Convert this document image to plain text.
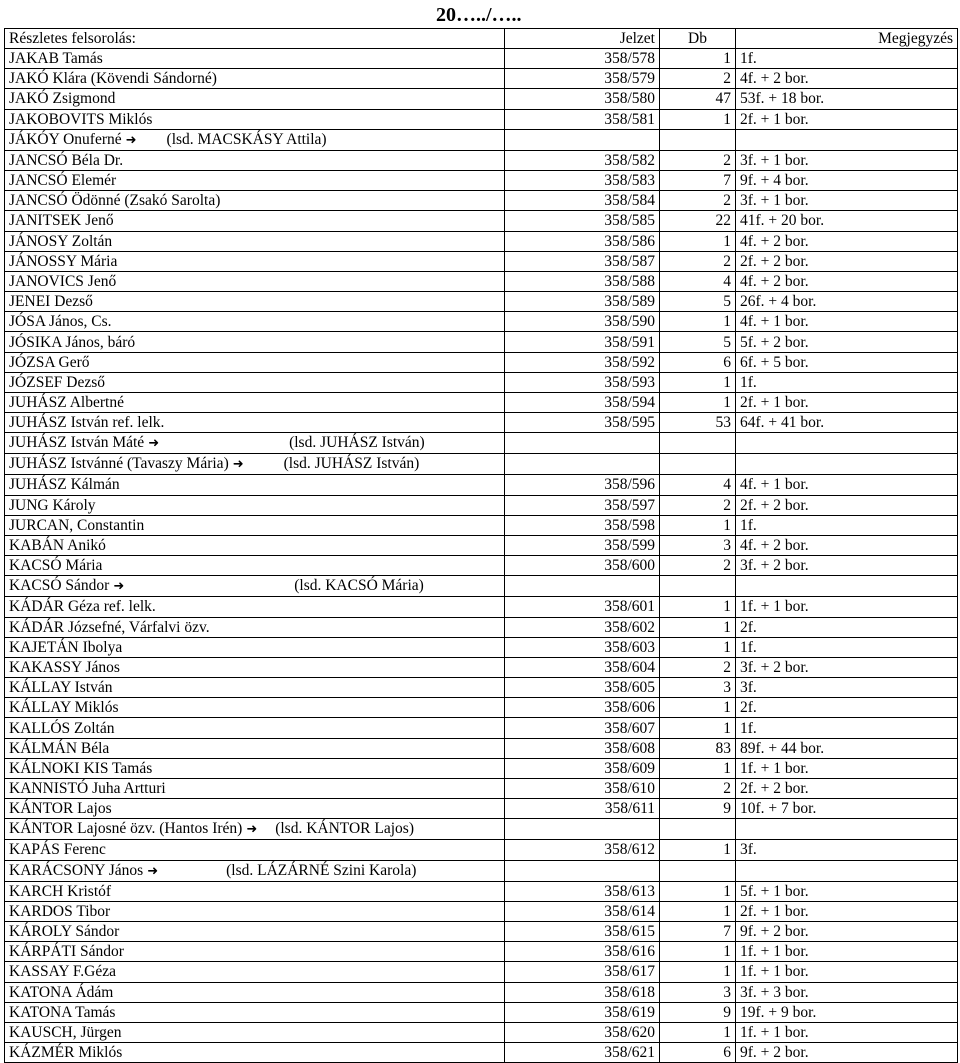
20…../…..
Részletes felsorolás:	Jelzet	Db	Megjegyzés
JAKAB Tamás	358/578	1	1f.
JAKÓ Klára (Kövendi Sándorné)	358/579	2	4f. + 2 bor.
JAKÓ Zsigmond	358/580	47	53f. + 18 bor.
JAKOBOVITS Miklós	358/581	1	2f. + 1 bor.
JÁKÓY Onuferné ➜ (lsd. MACSKÁSY Attila)			
JANCSÓ Béla Dr.	358/582	2	3f. + 1 bor.
JANCSÓ Elemér	358/583	7	9f. + 4 bor.
JANCSÓ Ödönné (Zsakó Sarolta)	358/584	2	3f. + 1 bor.
JANITSEK Jenő	358/585	22	41f. + 20 bor.
JÁNOSY Zoltán	358/586	1	4f. + 2 bor.
JÁNOSSY Mária	358/587	2	2f. + 2 bor.
JANOVICS Jenő	358/588	4	4f. + 2 bor.
JENEI Dezső	358/589	5	26f. + 4 bor.
JÓSA János, Cs.	358/590	1	4f. + 1 bor.
JÓSIKA János, báró	358/591	5	5f. + 2 bor.
JÓZSA Gerő	358/592	6	6f. + 5 bor.
JÓZSEF Dezső	358/593	1	1f.
JUHÁSZ Albertné	358/594	1	2f. + 1 bor.
JUHÁSZ István ref. lelk.	358/595	53	64f. + 41 bor.
JUHÁSZ István Máté ➜ (lsd. JUHÁSZ István)			
JUHÁSZ Istvánné (Tavaszy Mária) ➜ (lsd. JUHÁSZ István)			
JUHÁSZ Kálmán	358/596	4	4f. + 1 bor.
JUNG Károly	358/597	2	2f. + 2 bor.
JURCAN, Constantin	358/598	1	1f.
KABÁN Anikó	358/599	3	4f. + 2 bor.
KACSÓ Mária	358/600	2	3f. + 2 bor.
KACSÓ Sándor ➜ (lsd. KACSÓ Mária)			
KÁDÁR Géza ref. lelk.	358/601	1	1f. + 1 bor.
KÁDÁR Józsefné, Várfalvi özv.	358/602	1	2f.
KAJETÁN Ibolya	358/603	1	1f.
KAKASSY János	358/604	2	3f. + 2 bor.
KÁLLAY István	358/605	3	3f.
KÁLLAY Miklós	358/606	1	2f.
KALLÓS Zoltán	358/607	1	1f.
KÁLMÁN Béla	358/608	83	89f. + 44 bor.
KÁLNOKI KIS Tamás	358/609	1	1f. + 1 bor.
KANNISTÓ Juha Artturi	358/610	2	2f. + 2 bor.
KÁNTOR Lajos	358/611	9	10f. + 7 bor.
KÁNTOR Lajosné özv. (Hantos Irén) ➜ (lsd. KÁNTOR Lajos)			
KAPÁS Ferenc	358/612	1	3f.
KARÁCSONY János ➜ (lsd. LÁZÁRNÉ Szini Karola)			
KARCH Kristóf	358/613	1	5f. + 1 bor.
KARDOS Tibor	358/614	1	2f. + 1 bor.
KÁROLY Sándor	358/615	7	9f. + 2 bor.
KÁRPÁTI Sándor	358/616	1	1f. + 1 bor.
KASSAY F.Géza	358/617	1	1f. + 1 bor.
KATONA Ádám	358/618	3	3f. + 3 bor.
KATONA Tamás	358/619	9	19f. + 9 bor.
KAUSCH, Jürgen	358/620	1	1f. + 1 bor.
KÁZMÉR Miklós	358/621	6	9f. + 2 bor.
